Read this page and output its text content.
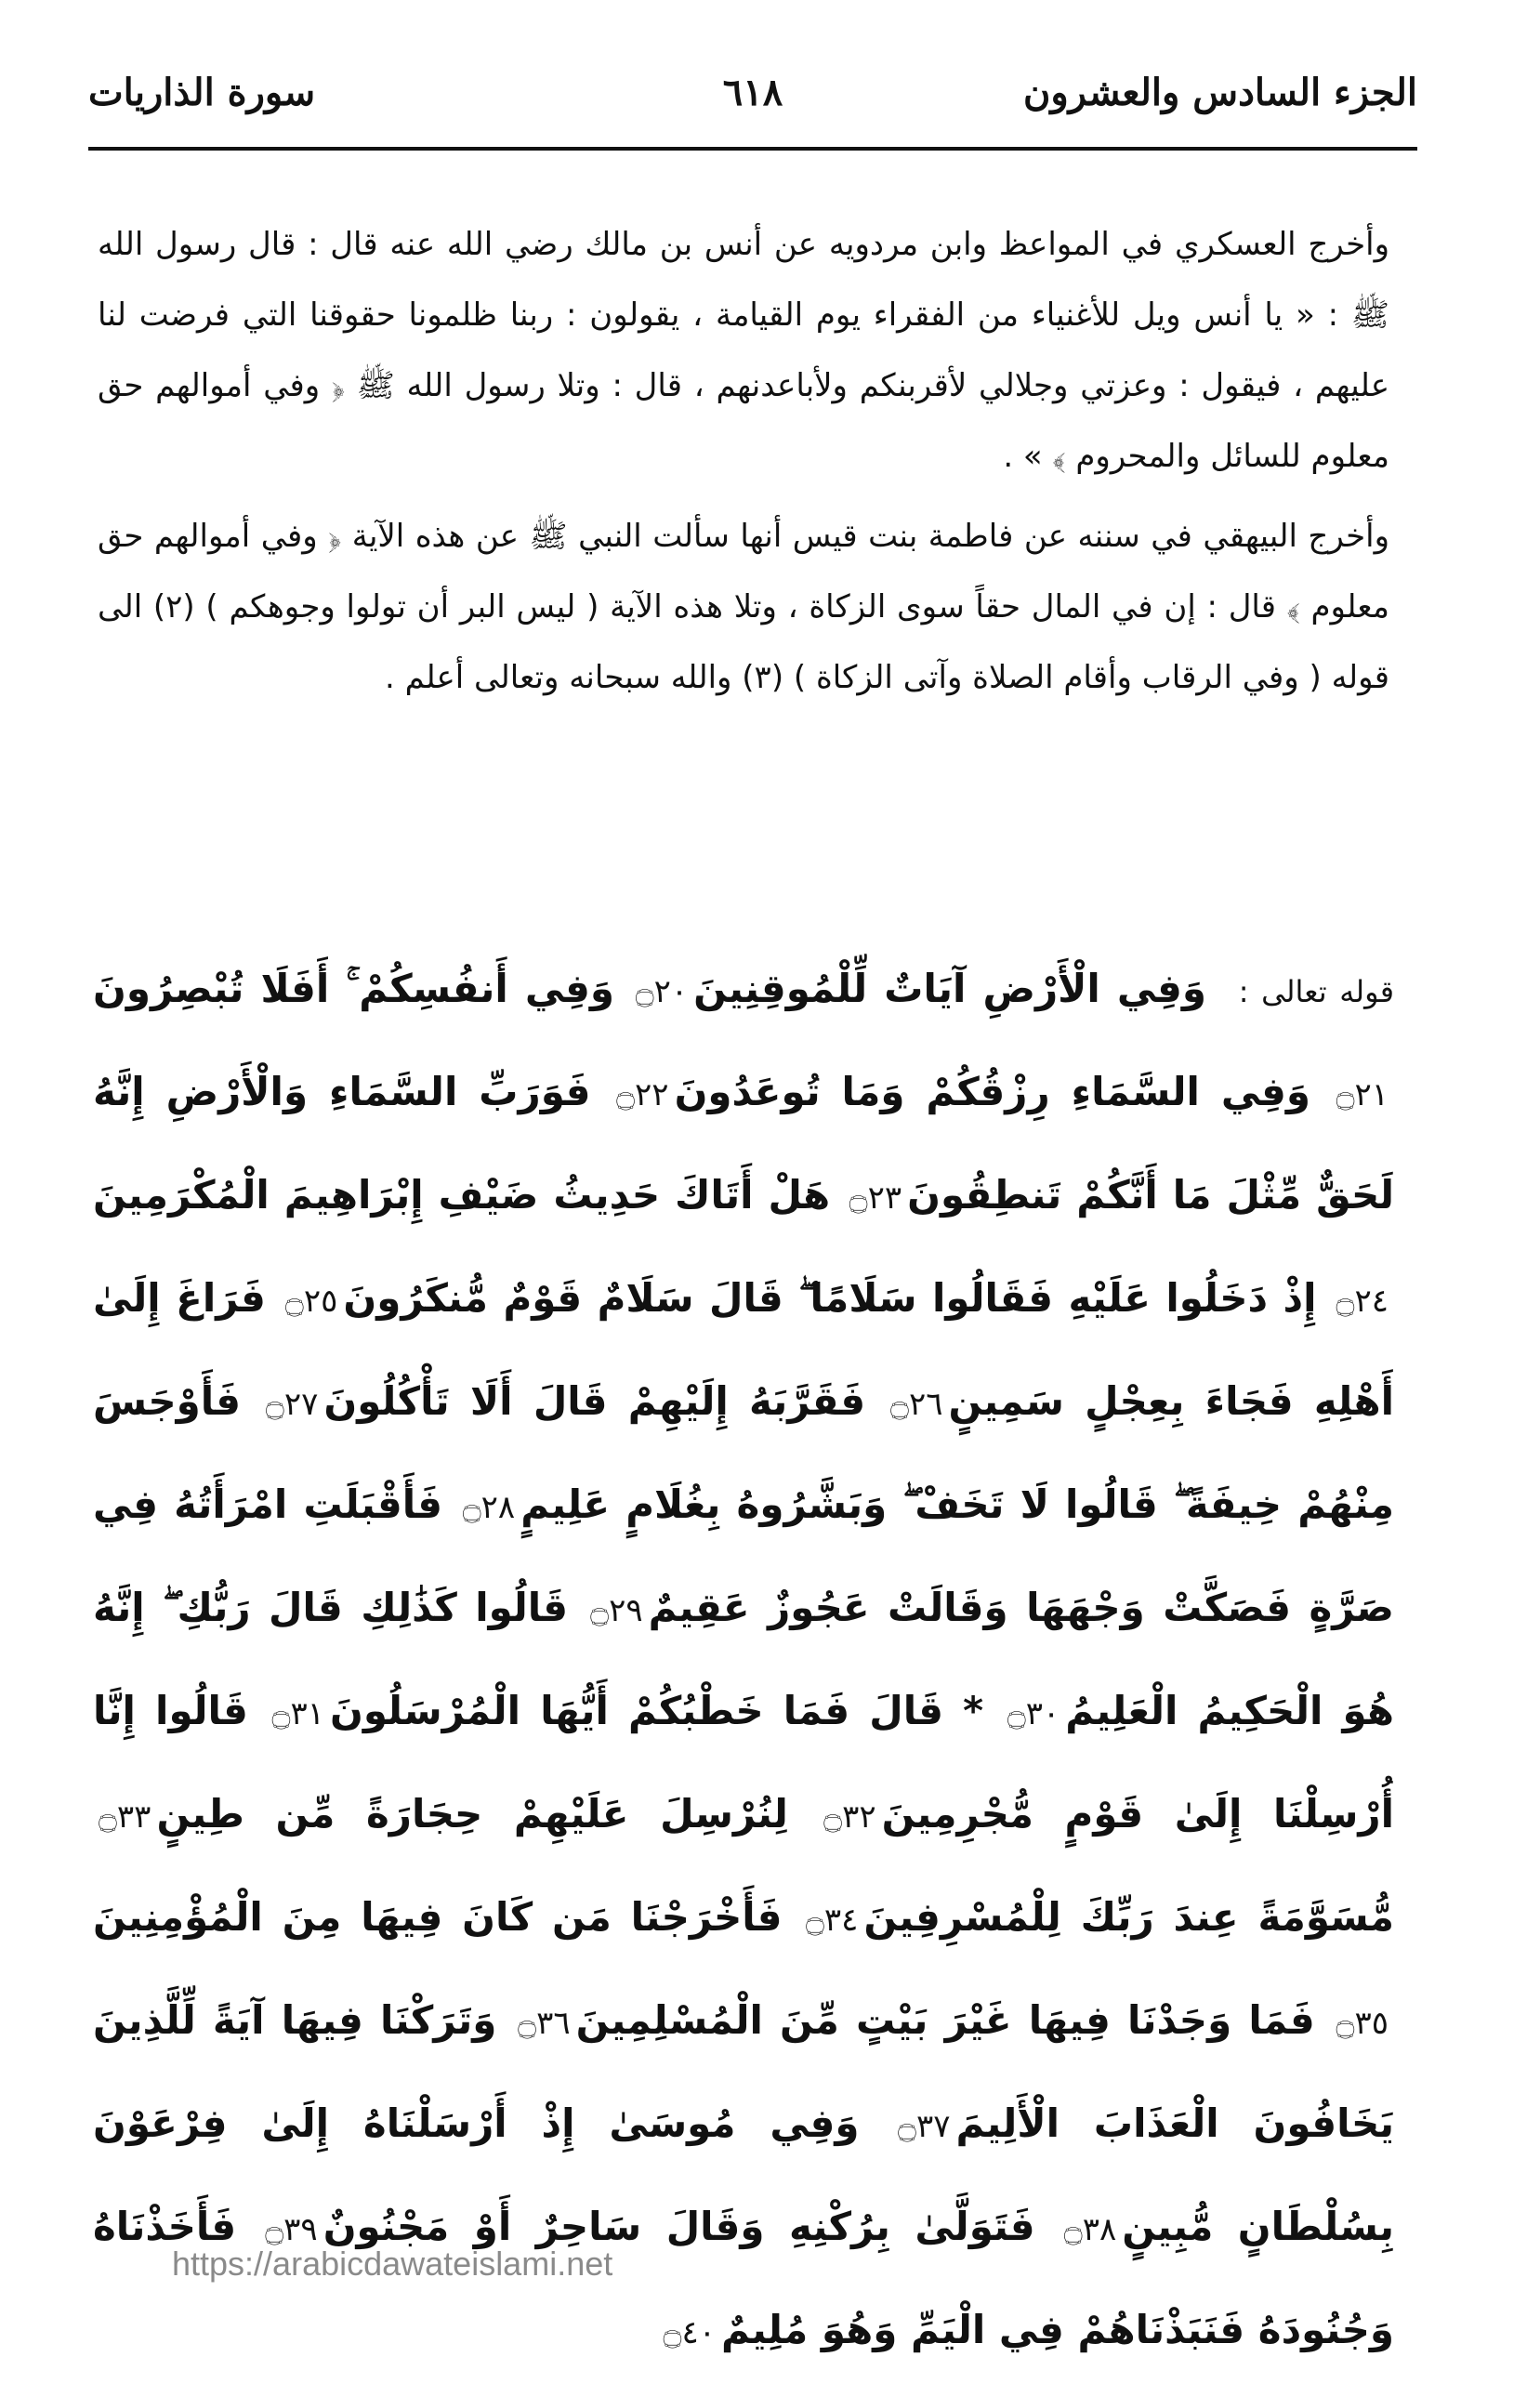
الجزء السادس والعشرون
٦١٨
سورة الذاريات

وأخرج العسكري في المواعظ وابن مردويه عن أنس بن مالك رضي الله عنه قال : قال رسول الله ﷺ : « يا أنس ويل للأغنياء من الفقراء يوم القيامة ، يقولون : ربنا ظلمونا حقوقنا التي فرضت لنا عليهم ، فيقول : وعزتي وجلالي لأقربنكم ولأباعدنهم ، قال : وتلا رسول الله ﷺ ﴿ وفي أموالهم حق معلوم للسائل والمحروم ﴾ » .

وأخرج البيهقي في سننه عن فاطمة بنت قيس أنها سألت النبي ﷺ عن هذه الآية ﴿ وفي أموالهم حق معلوم ﴾ قال : إن في المال حقاً سوى الزكاة ، وتلا هذه الآية ( ليس البر أن تولوا وجوهكم ) (٢) الى قوله ( وفي الرقاب وأقام الصلاة وآتى الزكاة ) (٣) والله سبحانه وتعالى أعلم .

قوله تعالى : وَفِي الْأَرْضِ آيَاتٌ لِّلْمُوقِنِينَ۝٢٠ وَفِي أَنفُسِكُمْ ۚ أَفَلَا تُبْصِرُونَ۝٢١ وَفِي السَّمَاءِ رِزْقُكُمْ وَمَا تُوعَدُونَ۝٢٢ فَوَرَبِّ السَّمَاءِ وَالْأَرْضِ إِنَّهُ لَحَقٌّ مِّثْلَ مَا أَنَّكُمْ تَنطِقُونَ۝٢٣ هَلْ أَتَاكَ حَدِيثُ ضَيْفِ إِبْرَاهِيمَ الْمُكْرَمِينَ۝٢٤ إِذْ دَخَلُوا عَلَيْهِ فَقَالُوا سَلَامًا ۖ قَالَ سَلَامٌ قَوْمٌ مُّنكَرُونَ۝٢٥ فَرَاغَ إِلَىٰ أَهْلِهِ فَجَاءَ بِعِجْلٍ سَمِينٍ۝٢٦ فَقَرَّبَهُ إِلَيْهِمْ قَالَ أَلَا تَأْكُلُونَ۝٢٧ فَأَوْجَسَ مِنْهُمْ خِيفَةً ۖ قَالُوا لَا تَخَفْ ۖ وَبَشَّرُوهُ بِغُلَامٍ عَلِيمٍ۝٢٨ فَأَقْبَلَتِ امْرَأَتُهُ فِي صَرَّةٍ فَصَكَّتْ وَجْهَهَا وَقَالَتْ عَجُوزٌ عَقِيمٌ۝٢٩ قَالُوا كَذَٰلِكِ قَالَ رَبُّكِ ۖ إِنَّهُ هُوَ الْحَكِيمُ الْعَلِيمُ۝٣٠ * قَالَ فَمَا خَطْبُكُمْ أَيُّهَا الْمُرْسَلُونَ۝٣١ قَالُوا إِنَّا أُرْسِلْنَا إِلَىٰ قَوْمٍ مُّجْرِمِينَ۝٣٢ لِنُرْسِلَ عَلَيْهِمْ حِجَارَةً مِّن طِينٍ۝٣٣ مُّسَوَّمَةً عِندَ رَبِّكَ لِلْمُسْرِفِينَ۝٣٤ فَأَخْرَجْنَا مَن كَانَ فِيهَا مِنَ الْمُؤْمِنِينَ۝٣٥ فَمَا وَجَدْنَا فِيهَا غَيْرَ بَيْتٍ مِّنَ الْمُسْلِمِينَ۝٣٦ وَتَرَكْنَا فِيهَا آيَةً لِّلَّذِينَ يَخَافُونَ الْعَذَابَ الْأَلِيمَ۝٣٧ وَفِي مُوسَىٰ إِذْ أَرْسَلْنَاهُ إِلَىٰ فِرْعَوْنَ بِسُلْطَانٍ مُّبِينٍ۝٣٨ فَتَوَلَّىٰ بِرُكْنِهِ وَقَالَ سَاحِرٌ أَوْ مَجْنُونٌ۝٣٩ فَأَخَذْنَاهُ وَجُنُودَهُ فَنَبَذْنَاهُمْ فِي الْيَمِّ وَهُوَ مُلِيمٌ۝٤٠
https://arabicdawateislami.net
